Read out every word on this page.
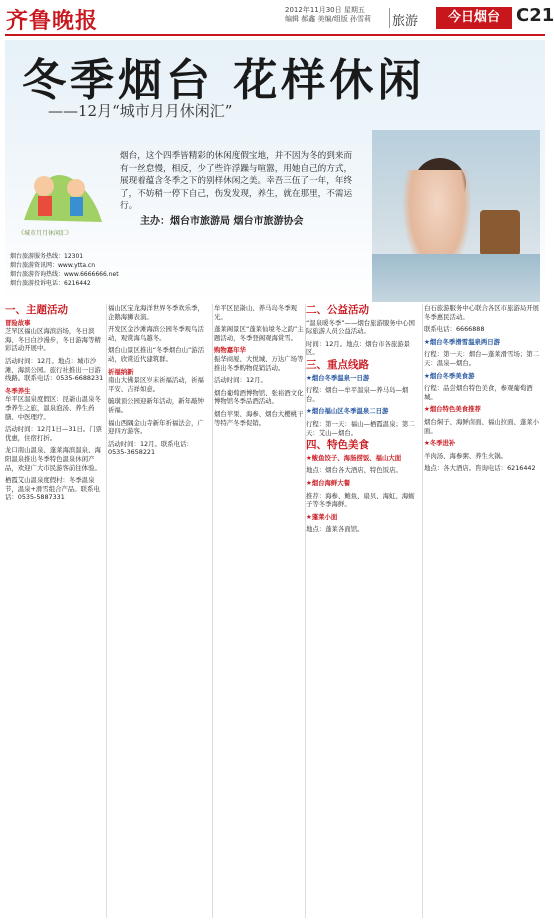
齐鲁晚报	2012年11月30日 星期五
编辑 郝鑫 美编/组版 孙雪莉	旅游	今日烟台 C21
冬季烟台 花样休闲
——12月“城市月月休闲汇”
烟台，这个四季皆精彩的休闲度假宝地，并不因为冬的到来而有一丝怠慢，相反，少了些许浮躁与喧嚣，用她自己的方式，展现着蕴含冬季之下的别样休闲之美。幸吾三伍了一年，年终了，不妨稍一停下自己，伤发发现，养生，就在那里，不需运行。
主办：烟台市旅游局 烟台市旅游协会
《城市月月休闲汇》
烟台旅游服务热线：12301
烟台旅游资讯网：www.ytta.cn
烟台旅游咨询热线：www.6666666.net
烟台旅游投诉电话：6216442
一、主题活动
冒险故事
芝罘区福山区海滨浴场，冬日滨海、冬日白沙漫步，冬日游海等精彩活动开展中。
活动时间：12月。地点：城市沙滩、海滨公园。旅行社推出一日游线路。联系电话：0535-6688231
冬季养生
牟平区温泉度假区：昆嵛山温泉冬季养生之旅，温泉泡汤、养生药膳、中医理疗。
活动时间：12月1日—31日。门票优惠，住宿打折。
龙口南山温泉、蓬莱海滨温泉、海阳温泉推出冬季特色温泉休闲产品，欢迎广大市民游客前往体验。
栖霞艾山温泉度假村：冬季温泉节，温泉+滑雪组合产品。联系电话：0535-5887331
福山区宝龙海洋世界冬季欢乐季，企鹅海狮表演。
开发区金沙滩海滨公园冬季观鸟活动，观赏海鸟越冬。
烟台山景区推出“冬季烟台山”游活动，欣赏近代建筑群。
祈福纳新
南山大佛景区岁末祈福活动，祈福平安、吉祥如意。
毓璜顶公园迎新年活动，新年敲钟祈福。
福山西隅金山寺新年祈福法会，广迎四方游客。
活动时间：12月。联系电话：0535-3658221
牟平区昆嵛山、养马岛冬季观光。
蓬莱阁景区“蓬莱仙境冬之韵”主题活动，冬季登阁观海赏雪。
购物嘉年华
振华商厦、大悦城、万达广场等推出冬季购物促销活动。
活动时间：12月。
烟台葡萄酒博物馆、张裕酒文化博物馆冬季品酒活动。
烟台苹果、海参、烟台大樱桃干等特产冬季促销。
二、公益活动
“温泉暖冬季”——烟台旅游服务中心国际旅游人员公益活动。
时间：12月。地点：烟台市各旅游景区。
三、重点线路
★烟台冬季温泉一日游
行程：烟台—牟平温泉—养马岛—烟台。
★烟台福山区冬季温泉二日游
行程：第一天：福山—栖霞温泉；第二天：艾山—烟台。
四、特色美食
★鲅鱼饺子、海肠捞饭、福山大面
地点：烟台各大酒店、特色饭店。
★烟台海鲜大餐
推荐：海参、鲍鱼、扇贝、海虹、海蛎子等冬季海鲜。
★蓬莱小面
地点：蓬莱各面馆。
白石旅游服务中心联合各区市旅游局开展冬季惠民活动。
联系电话：6666888
★烟台冬季滑雪温泉两日游
行程：第一天：烟台—蓬莱滑雪场；第二天：温泉—烟台。
★烟台冬季美食游
行程：品尝烟台特色美食，参观葡萄酒城。
★烟台特色美食推荐
烟台焖子、海鲜卤面、福山拉面、蓬莱小面。
★冬季进补
羊肉汤、海参粥、养生火锅。
地点：各大酒店。咨询电话：6216442
